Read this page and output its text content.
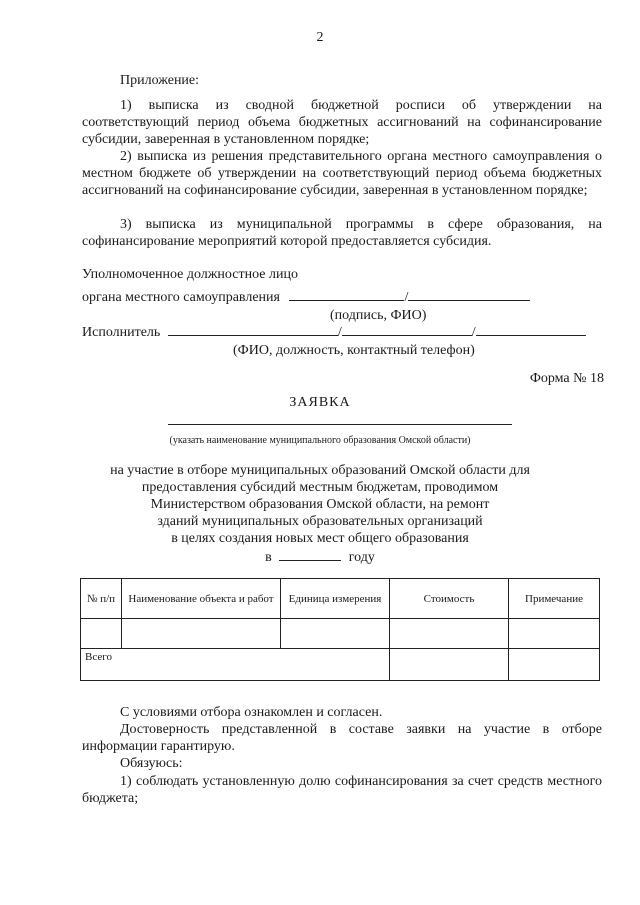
2

Приложение:

1) выписка из сводной бюджетной росписи об утверждении на соответствующий период объема бюджетных ассигнований на софинансирование субсидии, заверенная в установленном порядке;

2) выписка из решения представительного органа местного самоуправления о местном бюджете об утверждении на соответствующий период объема бюджетных ассигнований на софинансирование субсидии, заверенная в установленном порядке;

3) выписка из муниципальной программы в сфере образования, на софинансирование мероприятий которой предоставляется субсидия.

Уполномоченное должностное лицо
органа местного самоуправления	/
(подпись, ФИО)
Исполнитель	/	/
(ФИО, должность, контактный телефон)
Форма № 18
ЗАЯВКА
(указать наименование муниципального образования Омской области)
на участие в отборе муниципальных образований Омской области для
предоставления субсидий местным бюджетам, проводимом
Министерством образования Омской области, на ремонт
зданий муниципальных образовательных организаций
в целях создания новых мест общего образования
в	году
№ п/п	Наименование объекта и работ	Единица измерения	Стоимость	Примечание

Всего				

С условиями отбора ознакомлен и согласен.

Достоверность представленной в составе заявки на участие в отборе информации гарантирую.

Обязуюсь:

1) соблюдать установленную долю софинансирования за счет средств местного бюджета;
